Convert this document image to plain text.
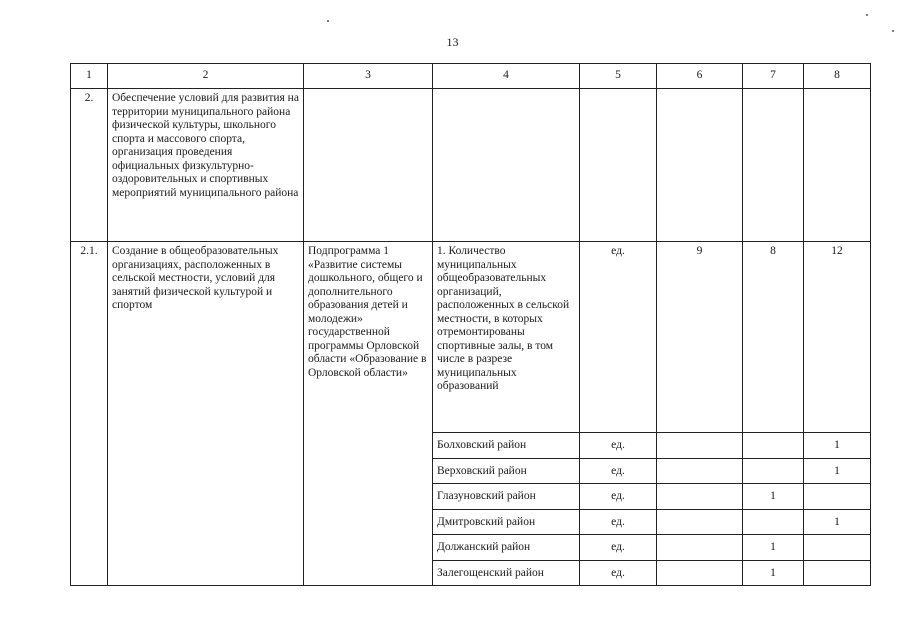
13
1	2	3	4	5	6	7	8
2.	Обеспечение условий для развития на территории муниципального района физической культуры, школьного спорта и массового спорта, организация проведения официальных физкультурно-оздоровительных и спортивных мероприятий муниципального района						
2.1.	Создание в общеобразовательных организациях, расположенных в сельской местности, условий для занятий физической культурой и спортом	Подпрограмма 1 «Развитие системы дошкольного, общего и дополнительного образования детей и молодежи» государственной программы Орловской области «Образование в Орловской области»	1. Количество муниципальных общеобразовательных организаций, расположенных в сельской местности, в которых отремонтированы спортивные залы, в том числе в разрезе муниципальных образований	ед.	9	8	12
			Болховский район	ед.			1
			Верховский район	ед.			1
			Глазуновский район	ед.		1	
			Дмитровский район	ед.			1
			Должанский район	ед.		1	
			Залегощенский район	ед.		1	
